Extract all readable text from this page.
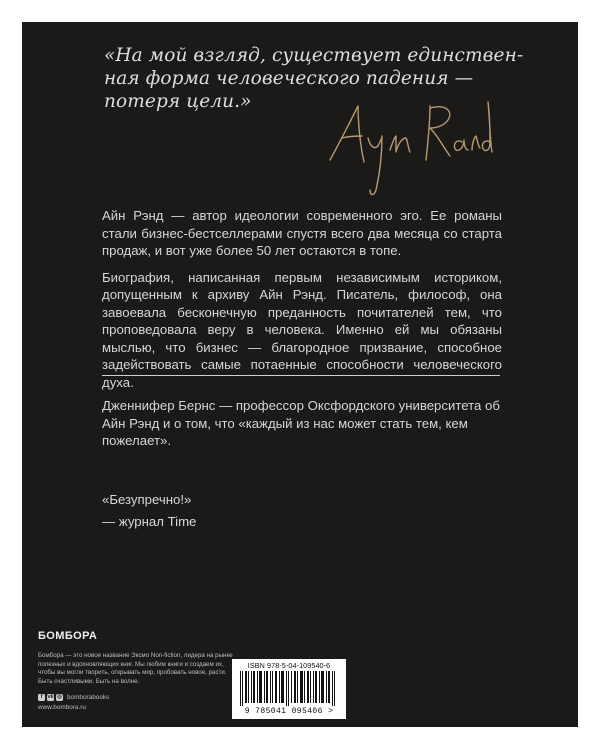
«На мой взгляд, существует единствен-
ная форма человеческого падения —
потеря цели.»

Айн Рэнд — автор идеологии современного эго. Ее романы стали бизнес-бестселлерами спустя всего два месяца со старта продаж, и вот уже более 50 лет остаются в топе.

Биография, написанная первым независимым историком, допущенным к архиву Айн Рэнд. Писатель, философ, она завоевала бесконечную преданность почитателей тем, что проповедовала веру в человека. Именно ей мы обязаны мыслью, что бизнес — благородное призвание, способное задействовать самые потаенные способности человеческого духа.

Дженнифер Бернс — профессор Оксфордского университета об Айн Рэнд и о том, что «каждый из нас может стать тем, кем пожелает».

«Безупречно!»
— журнал Time
БОМБОРА
Бомбора — это новое название Эксмо Non-fiction, лидера на рынке полезных и вдохновляющих книг. Мы любим книги и создаем их, чтобы вы могли творить, открывать мир, пробовать новое, расти. Быть счастливыми. Быть на волне.
f vk ◎ bomborabooks
www.bombora.ru
ISBN 978-5-04-109540-6
9 785041 095406 >
